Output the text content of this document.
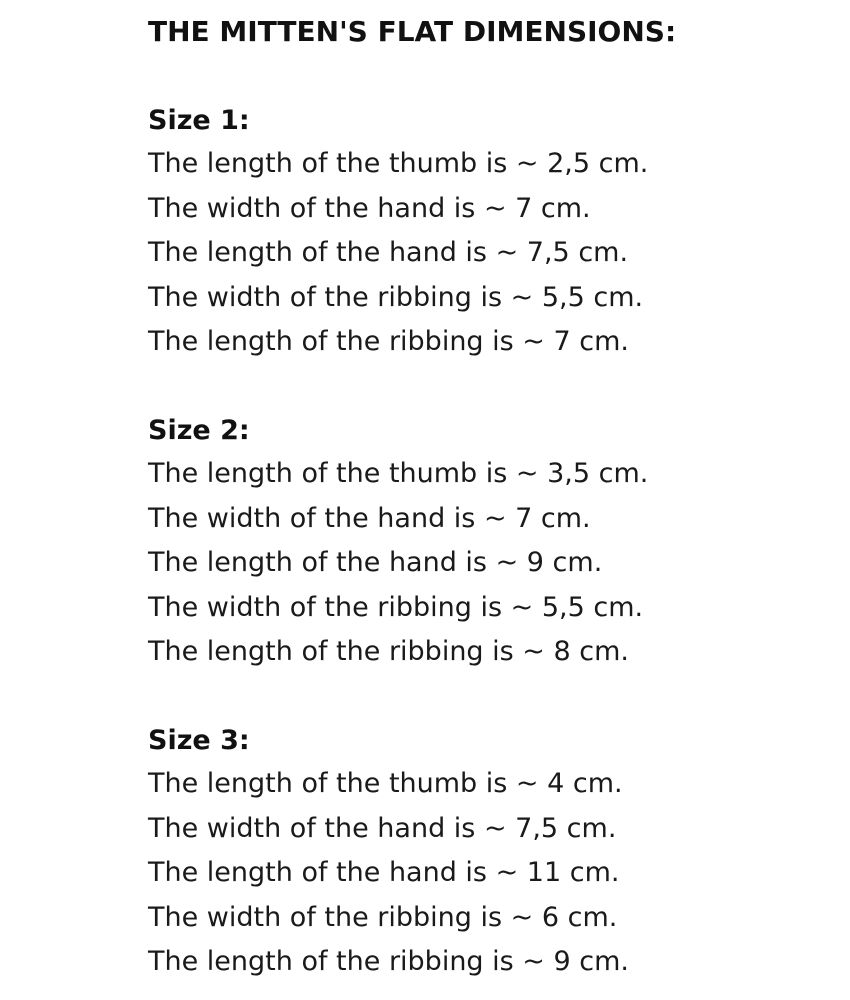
THE MITTEN'S FLAT DIMENSIONS:
Size 1:
The length of the thumb is ~ 2,5 cm.
The width of the hand is ~ 7 cm.
The length of the hand is ~ 7,5 cm.
The width of the ribbing is ~ 5,5 cm.
The length of the ribbing is ~ 7 cm.
Size 2:
The length of the thumb is ~ 3,5 cm.
The width of the hand is ~ 7 cm.
The length of the hand is ~ 9 cm.
The width of the ribbing is ~ 5,5 cm.
The length of the ribbing is ~ 8 cm.
Size 3:
The length of the thumb is ~ 4 cm.
The width of the hand is ~ 7,5 cm.
The length of the hand is ~ 11 cm.
The width of the ribbing is ~ 6 cm.
The length of the ribbing is ~ 9 cm.
